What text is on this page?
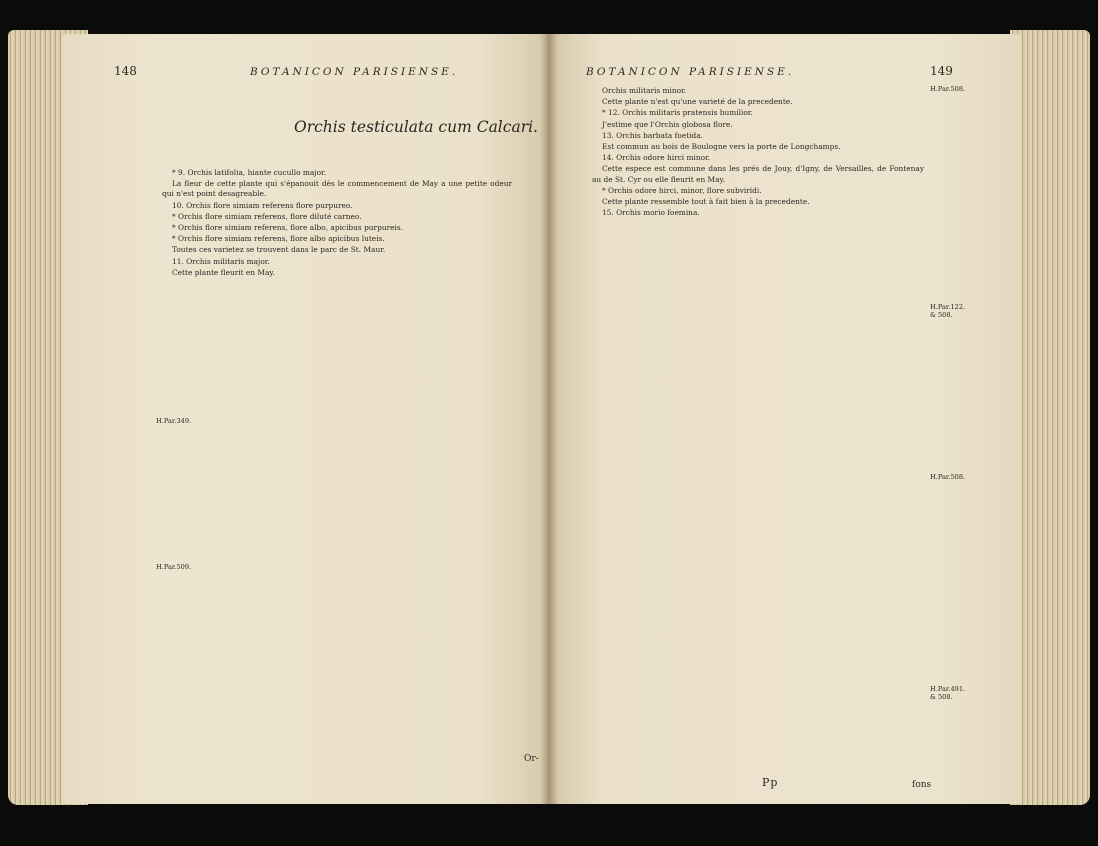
148	BOTANICON PARISIENSE.
Orchis testiculata cum Calcari.

* 9. Orchis latifolia, hiante cucullo major.

La fleur de cette plante qui s'épanouit dès le commencement de May a une petite odeur qui n'est point desagreable.

10. Orchis flore simiam referens flore purpureo.

* Orchis flore simiam referens, flore diluté carneo.

* Orchis flore simiam referens, flore albo, apicibus purpureis.

* Orchis flore simiam referens, flore albo apicibus luteis.

Toutes ces varietez se trouvent dans le parc de St. Maur.

11. Orchis militaris major.

Cette plante fleurit en May.

H.Par.349.
H.Par.509.
Or-
BOTANICON PARISIENSE.	149

Orchis militaris minor.

Cette plante n'est qu'une varieté de la precedente.

* 12. Orchis militaris pratensis humilior.

J'estime que l'Orchis globosa flore.

13. Orchis barbata foetida.

Est commun au bois de Boulogne vers la porte de Longchamps.

14. Orchis odore hirci minor.

Cette espece est commune dans les prés de Jouy, d'Igny, de Versailles, de Fontenay au de St. Cyr ou elle fleurit en May.

* Orchis odore hirci, minor, flore subviridi.

Cette plante ressemble tout à fait bien à la precedente.

15. Orchis morio foemina.

H.Par.508.
H.Par.122. & 508.
H.Par.508.
H.Par.491. & 508.
Pp	fons
